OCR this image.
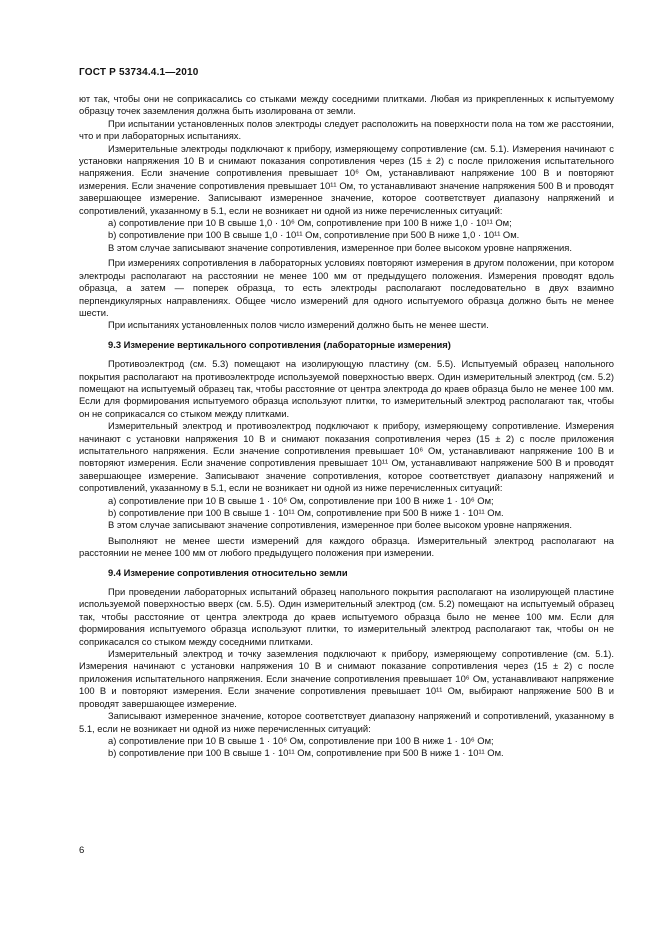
ГОСТ Р 53734.4.1—2010

ют так, чтобы они не соприкасались со стыками между соседними плитками. Любая из прикрепленных к испытуемому образцу точек заземления должна быть изолирована от земли.

При испытании установленных полов электроды следует расположить на поверхности пола на том же расстоянии, что и при лабораторных испытаниях.

Измерительные электроды подключают к прибору, измеряющему сопротивление (см. 5.1). Измерения начинают с установки напряжения 10 В и снимают показания сопротивления через (15 ± 2) с после приложения испытательного напряжения. Если значение сопротивления превышает 10⁶ Ом, устанавливают напряжение 100 В и повторяют измерения. Если значение сопротивления превышает 10¹¹ Ом, то устанавливают значение напряжения 500 В и проводят завершающее измерение. Записывают измеренное значение, которое соответствует диапазону напряжений и сопротивлений, указанному в 5.1, если не возникает ни одной из ниже перечисленных ситуаций:

a) сопротивление при 10 В свыше 1,0 · 10⁶ Ом, сопротивление при 100 В ниже 1,0 · 10¹¹ Ом;

b) сопротивление при 100 В свыше 1,0 · 10¹¹ Ом, сопротивление при 500 В ниже 1,0 · 10¹¹ Ом.

В этом случае записывают значение сопротивления, измеренное при более высоком уровне напряжения.

При измерениях сопротивления в лабораторных условиях повторяют измерения в другом положении, при котором электроды располагают на расстоянии не менее 100 мм от предыдущего положения. Измерения проводят вдоль образца, а затем — поперек образца, то есть электроды располагают последовательно в двух взаимно перпендикулярных направлениях. Общее число измерений для одного испытуемого образца должно быть не менее шести.

При испытаниях установленных полов число измерений должно быть не менее шести.

9.3 Измерение вертикального сопротивления (лабораторные измерения)

Противоэлектрод (см. 5.3) помещают на изолирующую пластину (см. 5.5). Испытуемый образец напольного покрытия располагают на противоэлектроде используемой поверхностью вверх. Один измерительный электрод (см. 5.2) помещают на испытуемый образец так, чтобы расстояние от центра электрода до краев образца было не менее 100 мм. Если для формирования испытуемого образца используют плитки, то измерительный электрод располагают так, чтобы он не соприкасался со стыком между плитками.

Измерительный электрод и противоэлектрод подключают к прибору, измеряющему сопротивление. Измерения начинают с установки напряжения 10 В и снимают показания сопротивления через (15 ± 2) с после приложения испытательного напряжения. Если значение сопротивления превышает 10⁶ Ом, устанавливают напряжение 100 В и повторяют измерения. Если значение сопротивления превышает 10¹¹ Ом, устанавливают напряжение 500 В и проводят завершающее измерение. Записывают значение сопротивления, которое соответствует диапазону напряжений и сопротивлений, указанному в 5.1, если не возникает ни одной из ниже перечисленных ситуаций:

a) сопротивление при 10 В свыше 1 · 10⁶ Ом, сопротивление при 100 В ниже 1 · 10⁶ Ом;

b) сопротивление при 100 В свыше 1 · 10¹¹ Ом, сопротивление при 500 В ниже 1 · 10¹¹ Ом.

В этом случае записывают значение сопротивления, измеренное при более высоком уровне напряжения.

Выполняют не менее шести измерений для каждого образца. Измерительный электрод располагают на расстоянии не менее 100 мм от любого предыдущего положения при измерении.

9.4 Измерение сопротивления относительно земли

При проведении лабораторных испытаний образец напольного покрытия располагают на изолирующей пластине используемой поверхностью вверх (см. 5.5). Один измерительный электрод (см. 5.2) помещают на испытуемый образец так, чтобы расстояние от центра электрода до краев испытуемого образца было не менее 100 мм. Если для формирования испытуемого образца используют плитки, то измерительный электрод располагают так, чтобы он не соприкасался со стыком между соседними плитками.

Измерительный электрод и точку заземления подключают к прибору, измеряющему сопротивление (см. 5.1). Измерения начинают с установки напряжения 10 В и снимают показание сопротивления через (15 ± 2) с после приложения испытательного напряжения. Если значение сопротивления превышает 10⁶ Ом, устанавливают напряжение 100 В и повторяют измерения. Если значение сопротивления превышает 10¹¹ Ом, выбирают напряжение 500 В и проводят завершающее измерение.

Записывают измеренное значение, которое соответствует диапазону напряжений и сопротивлений, указанному в 5.1, если не возникает ни одной из ниже перечисленных ситуаций:

a) сопротивление при 10 В свыше 1 · 10⁶ Ом, сопротивление при 100 В ниже 1 · 10⁶ Ом;

b) сопротивление при 100 В свыше 1 · 10¹¹ Ом, сопротивление при 500 В ниже 1 · 10¹¹ Ом.

6
